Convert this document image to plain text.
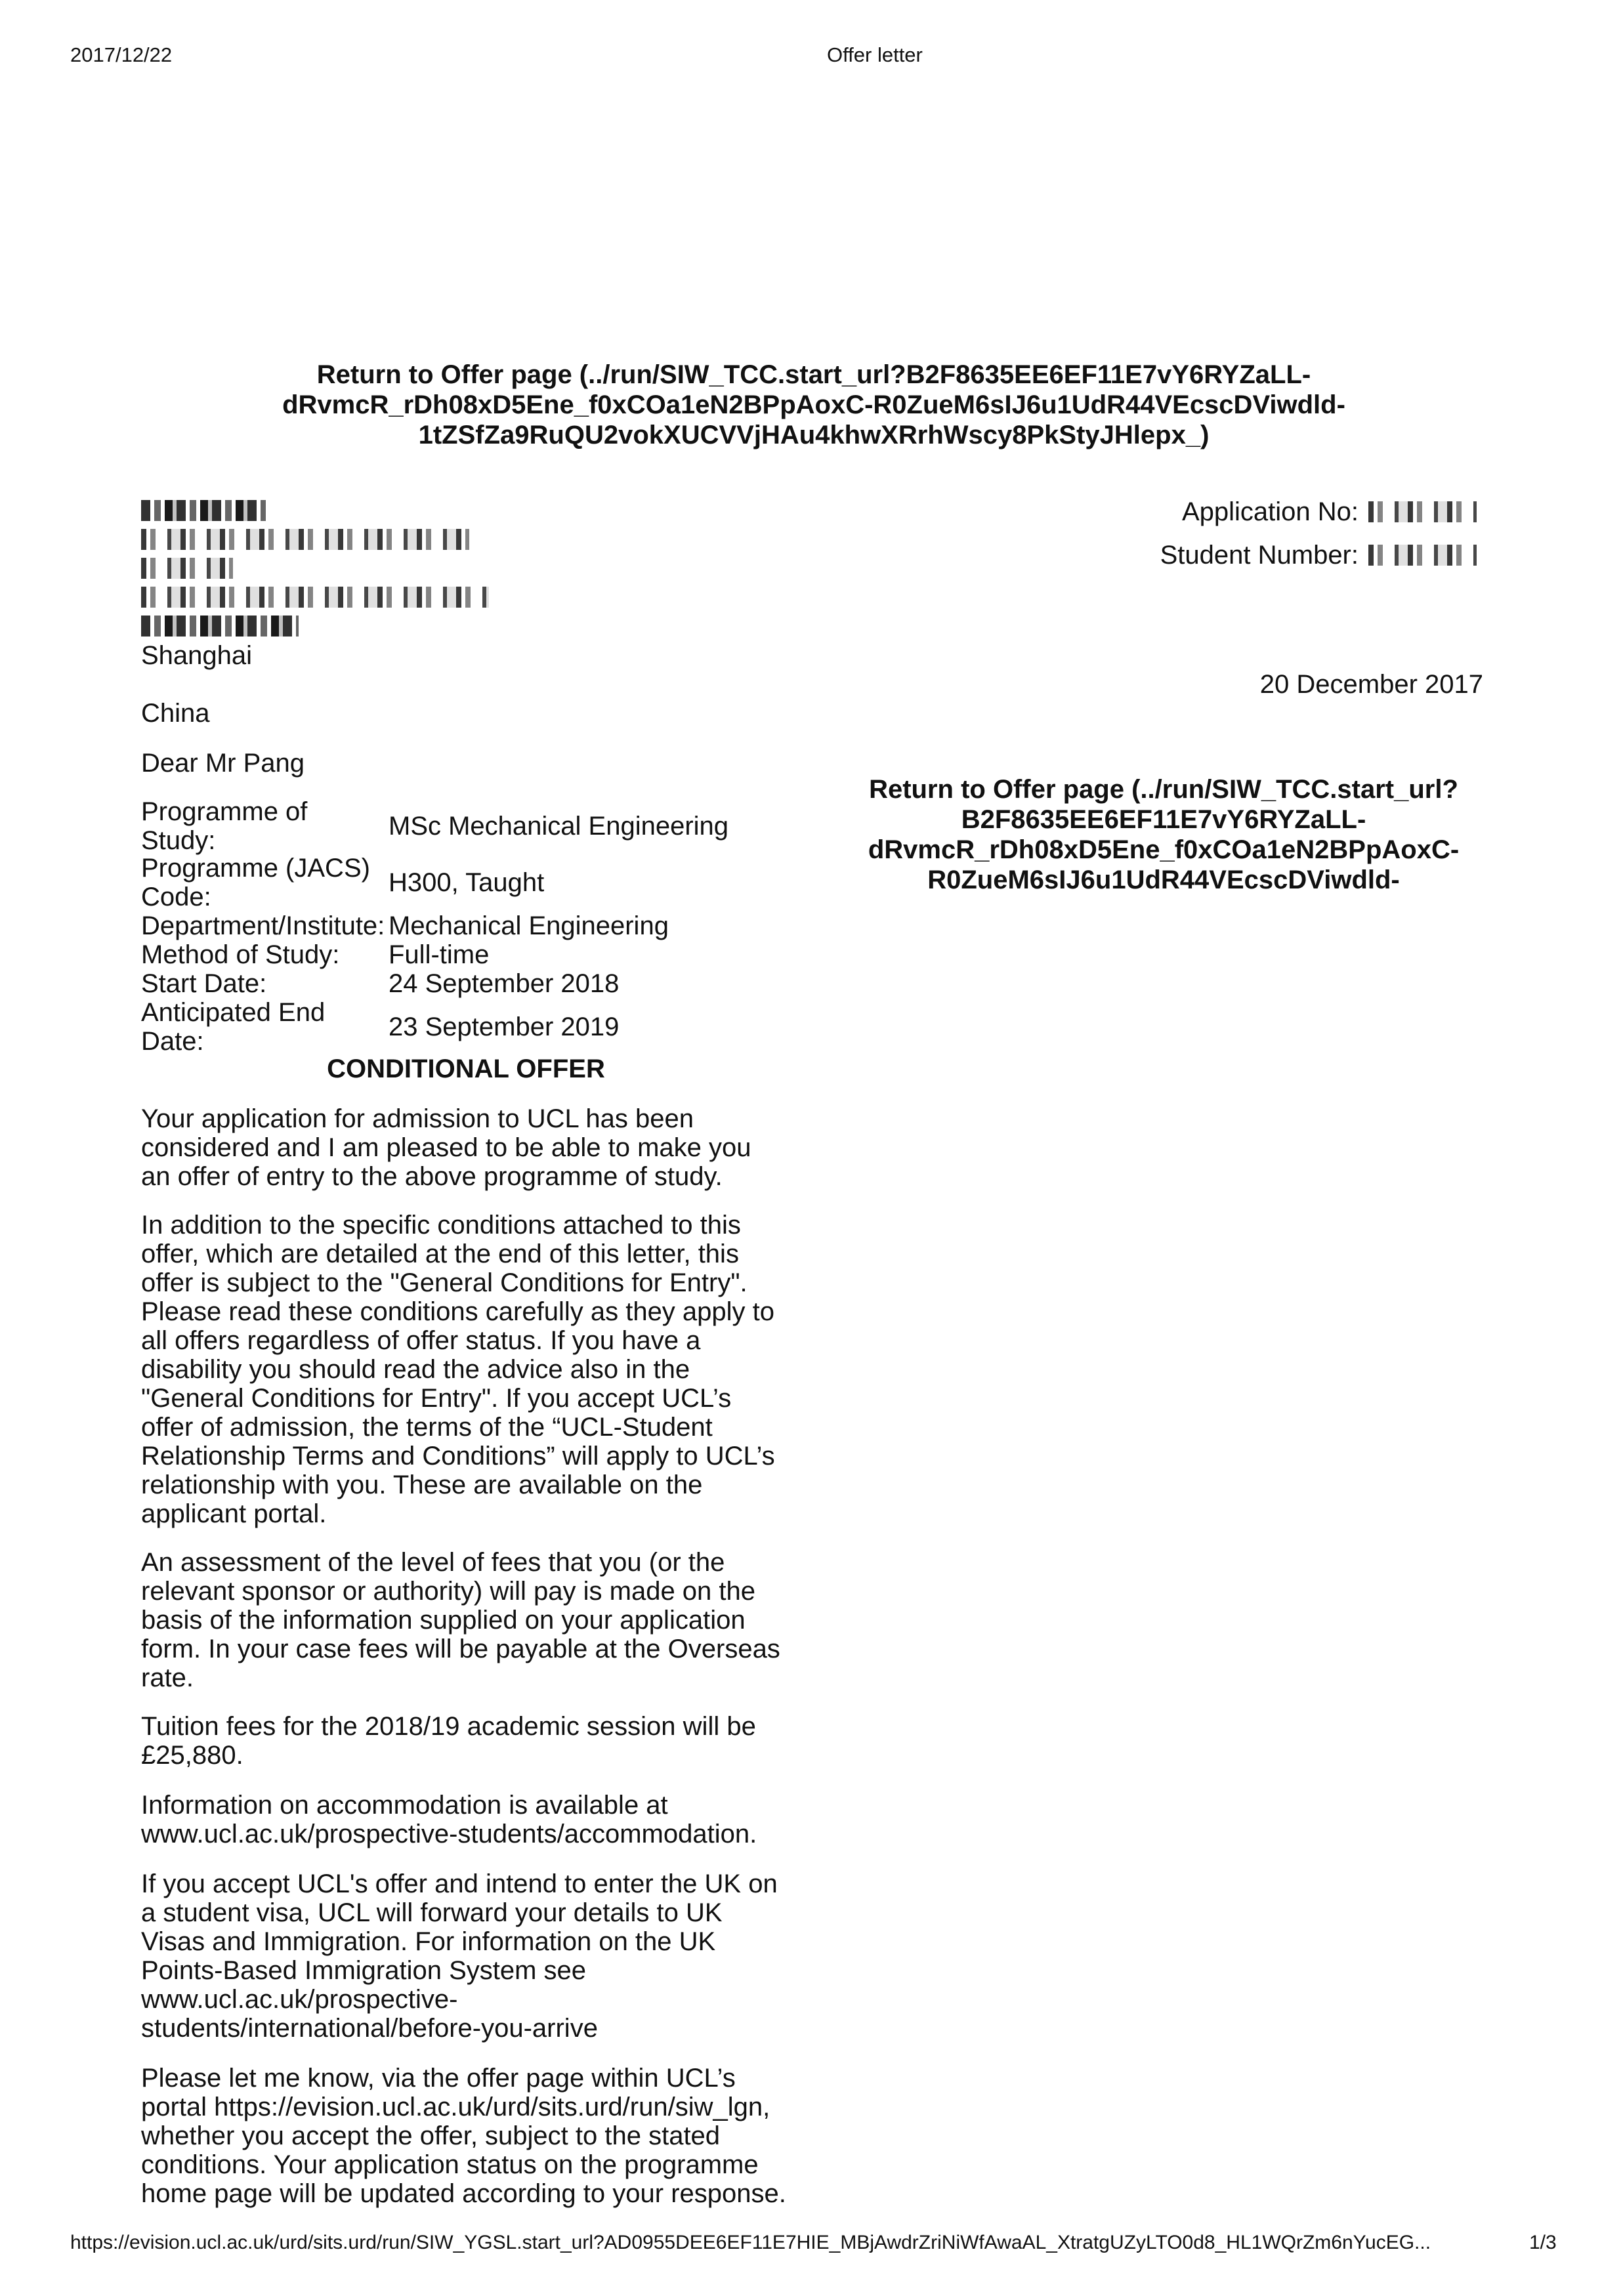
2017/12/22	Offer letter
Return to Offer page (../run/SIW_TCC.start_url?B2F8635EE6EF11E7vY6RYZaLL-
dRvmcR_rDh08xD5Ene_f0xCOa1eN2BPpAoxC-R0ZueM6sIJ6u1UdR44VEcscDViwdld-
1tZSfZa9RuQU2vokXUCVVjHAu4khwXRrhWscy8PkStyJHlepx_)
Shanghai
China
Application No:
Student Number:
20 December 2017
Return to Offer page (../run/SIW_TCC.start_url?
B2F8635EE6EF11E7vY6RYZaLL-
dRvmcR_rDh08xD5Ene_f0xCOa1eN2BPpAoxC-
R0ZueM6sIJ6u1UdR44VEcscDViwdld-
Dear Mr Pang
Programme of
Study:	MSc Mechanical Engineering
Programme (JACS)
Code:	H300, Taught
Department/Institute: Mechanical Engineering
Method of Study:	Full-time
Start Date:	24 September 2018
Anticipated End
Date:	23 September 2019
CONDITIONAL OFFER
Your application for admission to UCL has been
considered and I am pleased to be able to make you
an offer of entry to the above programme of study.
In addition to the specific conditions attached to this
offer, which are detailed at the end of this letter, this
offer is subject to the "General Conditions for Entry".
Please read these conditions carefully as they apply to
all offers regardless of offer status. If you have a
disability you should read the advice also in the
"General Conditions for Entry". If you accept UCL’s
offer of admission, the terms of the “UCL-Student
Relationship Terms and Conditions” will apply to UCL’s
relationship with you. These are available on the
applicant portal.
An assessment of the level of fees that you (or the
relevant sponsor or authority) will pay is made on the
basis of the information supplied on your application
form. In your case fees will be payable at the Overseas
rate.
Tuition fees for the 2018/19 academic session will be
£25,880.
Information on accommodation is available at
www.ucl.ac.uk/prospective-students/accommodation.
If you accept UCL's offer and intend to enter the UK on
a student visa, UCL will forward your details to UK
Visas and Immigration. For information on the UK
Points-Based Immigration System see
www.ucl.ac.uk/prospective-
students/international/before-you-arrive
Please let me know, via the offer page within UCL’s
portal https://evision.ucl.ac.uk/urd/sits.urd/run/siw_lgn,
whether you accept the offer, subject to the stated
conditions. Your application status on the programme
home page will be updated according to your response.
https://evision.ucl.ac.uk/urd/sits.urd/run/SIW_YGSL.start_url?AD0955DEE6EF11E7HIE_MBjAwdrZriNiWfAwaAL_XtratgUZyLTO0d8_HL1WQrZm6nYucEG...	1/3
